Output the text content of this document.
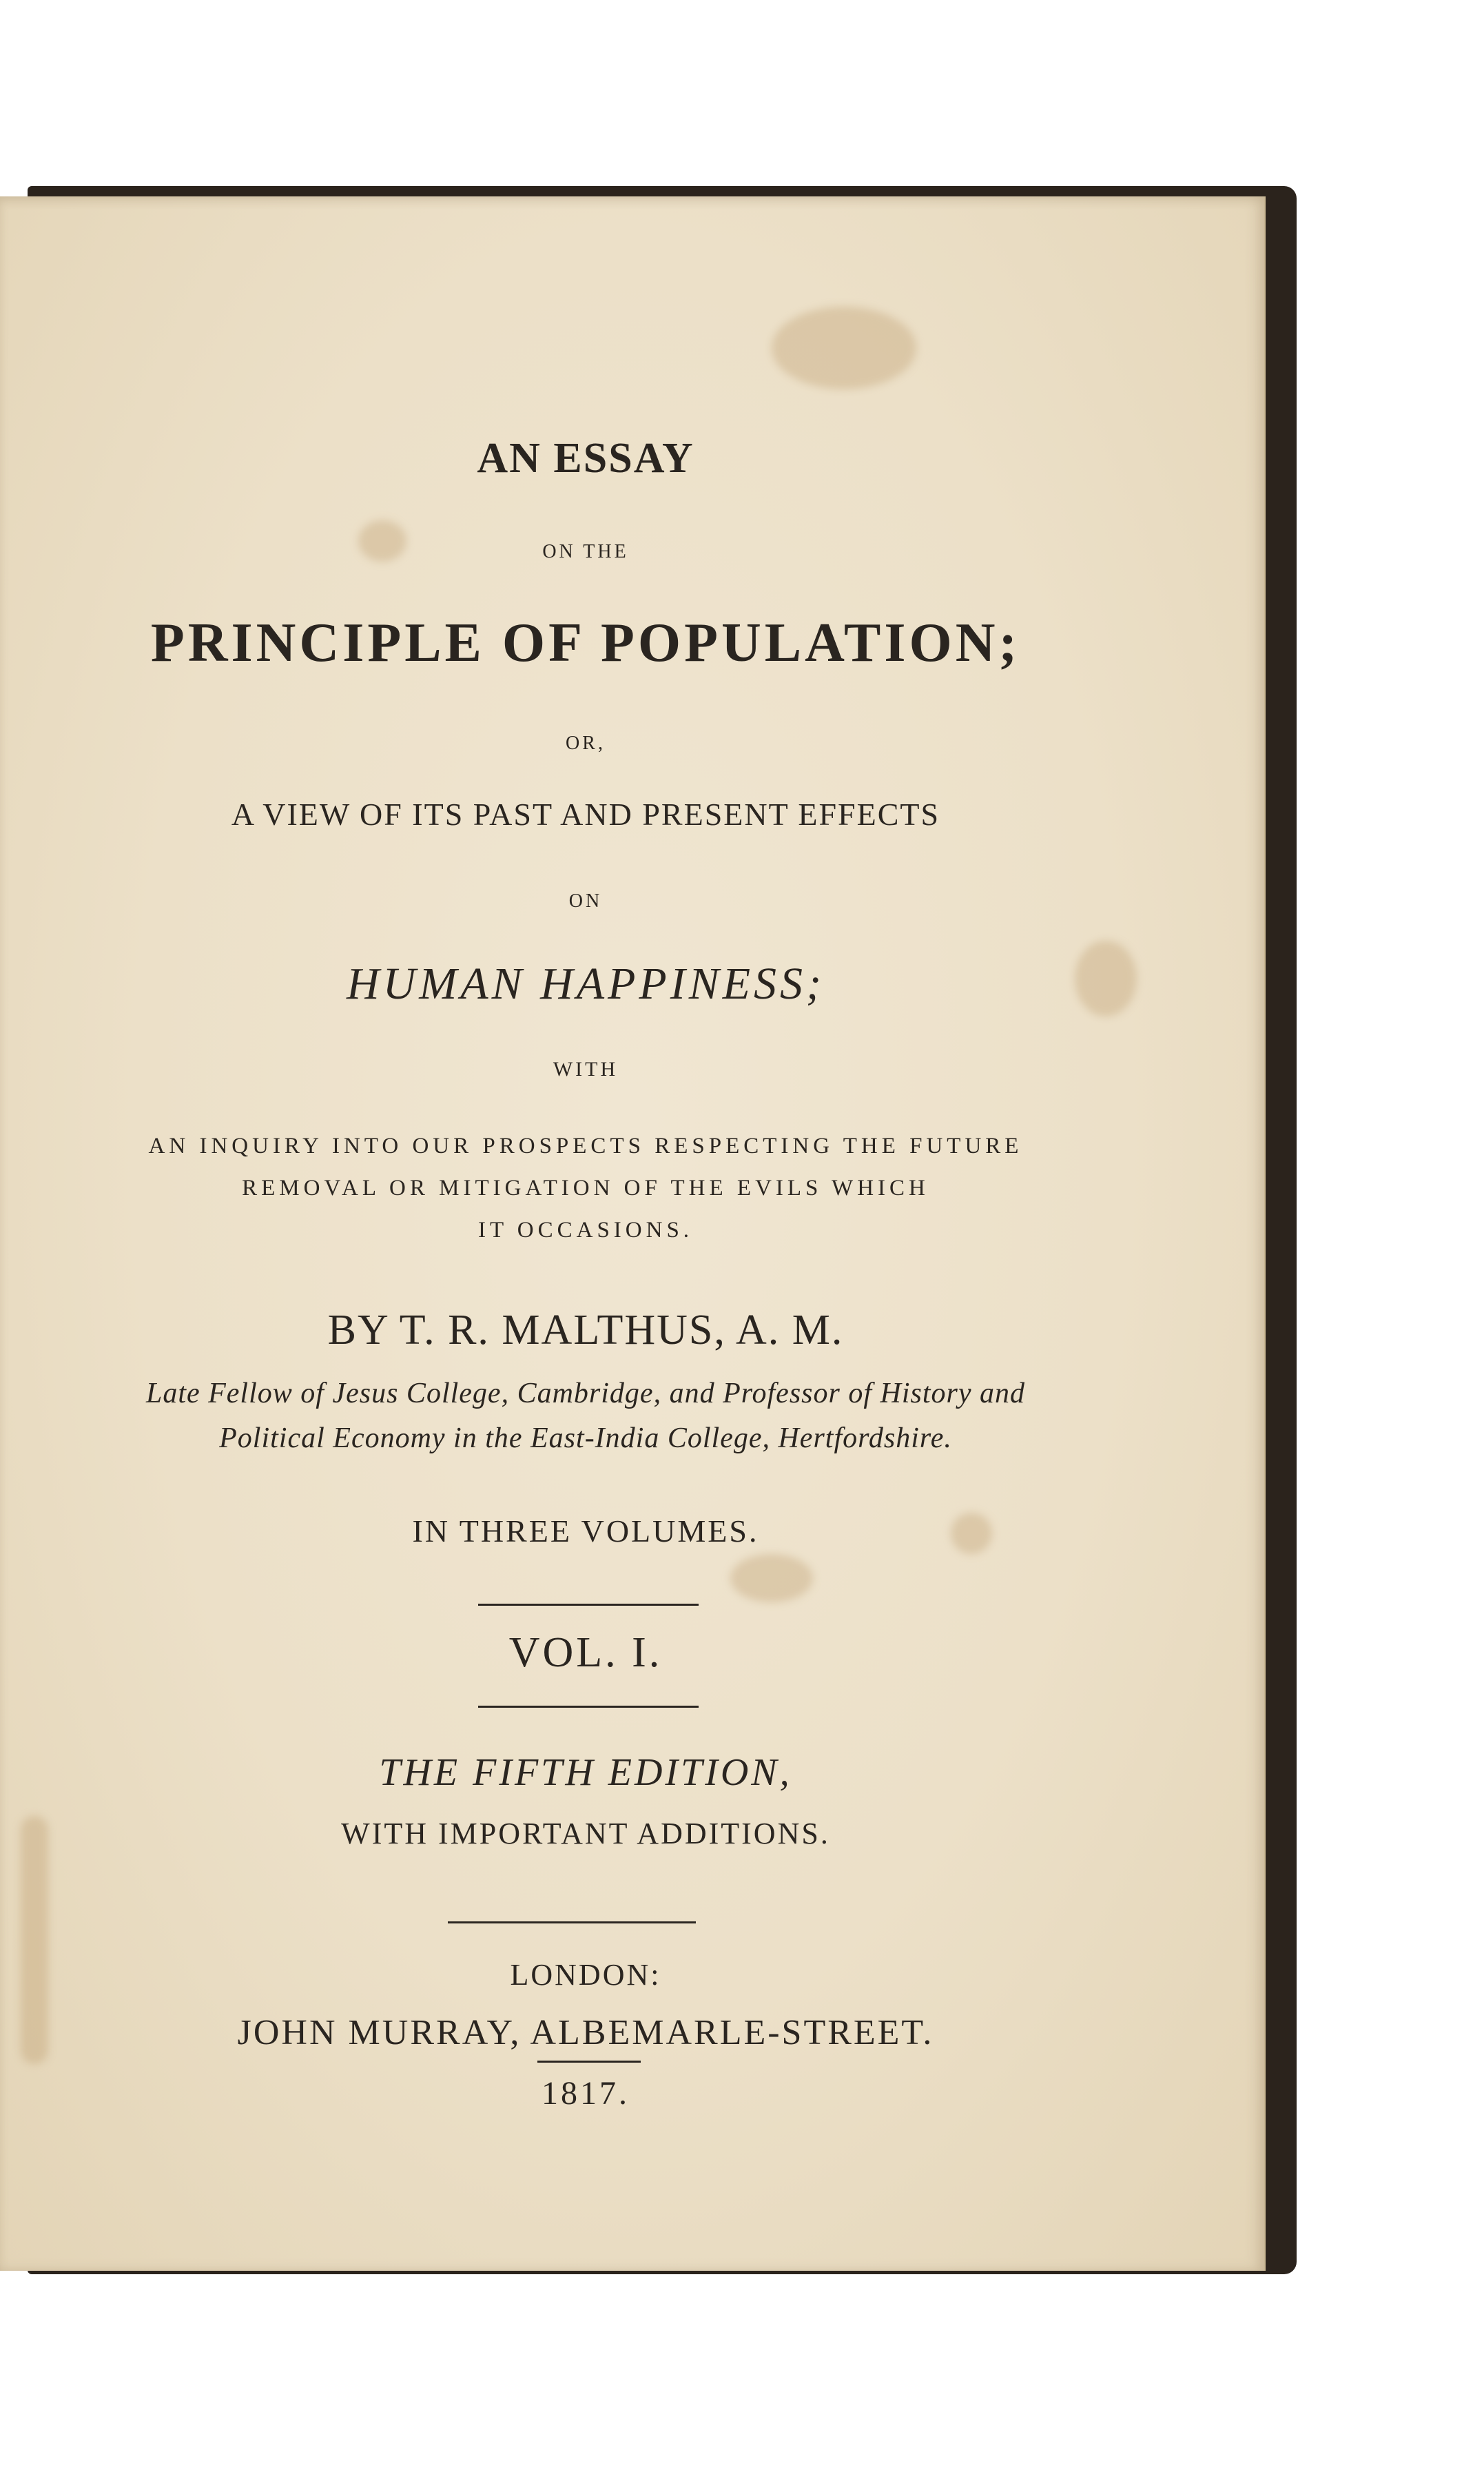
AN ESSAY
ON THE
PRINCIPLE OF POPULATION;
OR,
A VIEW OF ITS PAST AND PRESENT EFFECTS
ON
HUMAN HAPPINESS;
WITH
AN INQUIRY INTO OUR PROSPECTS RESPECTING THE FUTURE
REMOVAL OR MITIGATION OF THE EVILS WHICH
IT OCCASIONS.
BY T. R. MALTHUS, A. M.
Late Fellow of Jesus College, Cambridge, and Professor of History and
Political Economy in the East-India College, Hertfordshire.
IN THREE VOLUMES.
VOL. I.
THE FIFTH EDITION,
WITH IMPORTANT ADDITIONS.
LONDON:
JOHN MURRAY, ALBEMARLE-STREET.
1817.
